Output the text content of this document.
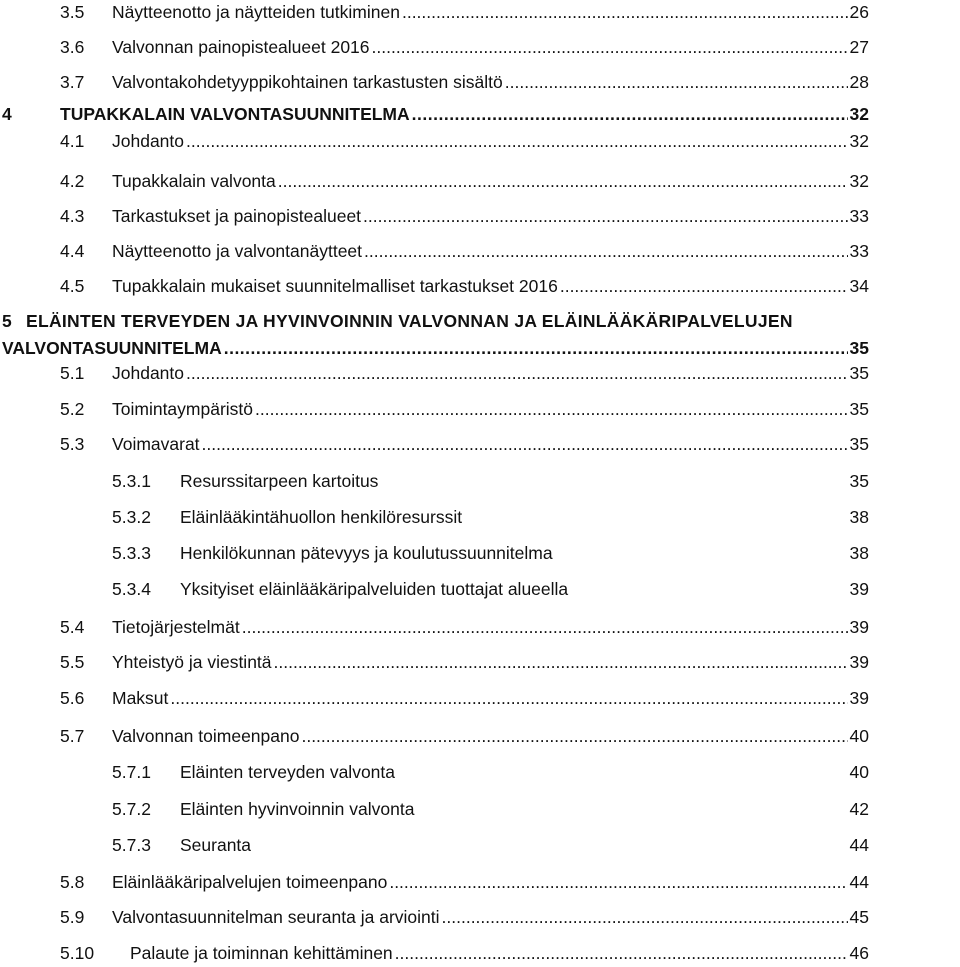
3.5 Näytteenotto ja näytteiden tutkiminen .....	26
3.6 Valvonnan painopistealueet 2016 .....	27
3.7 Valvontakohdetyyppikohtainen tarkastusten sisältö .....	28
4	TUPAKKALAIN VALVONTASUUNNITELMA .....	32
4.1 Johdanto .....	32
4.2 Tupakkalain valvonta .....	32
4.3 Tarkastukset ja painopistealueet .....	33
4.4 Näytteenotto ja valvontanäytteet .....	33
4.5 Tupakkalain mukaiset suunnitelmalliset tarkastukset 2016 .....	34
5 ELÄINTEN TERVEYDEN JA HYVINVOINNIN VALVONNAN JA ELÄINLÄÄKÄRIPALVELUJEN
VALVONTASUUNNITELMA .....	35
5.1 Johdanto .....	35
5.2 Toimintaympäristö .....	35
5.3 Voimavarat .....	35
5.3.1 Resurssitarpeen kartoitus	35
5.3.2 Eläinlääkintähuollon henkilöresurssit	38
5.3.3 Henkilökunnan pätevyys ja koulutussuunnitelma	38
5.3.4 Yksityiset eläinlääkäripalveluiden tuottajat alueella	39
5.4 Tietojärjestelmät .....	39
5.5 Yhteistyö ja viestintä .....	39
5.6 Maksut .....	39
5.7 Valvonnan toimeenpano .....	40
5.7.1 Eläinten terveyden valvonta	40
5.7.2 Eläinten hyvinvoinnin valvonta	42
5.7.3 Seuranta	44
5.8 Eläinlääkäripalvelujen toimeenpano .....	44
5.9 Valvontasuunnitelman seuranta ja arviointi .....	45
5.10 Palaute ja toiminnan kehittäminen .....	46
